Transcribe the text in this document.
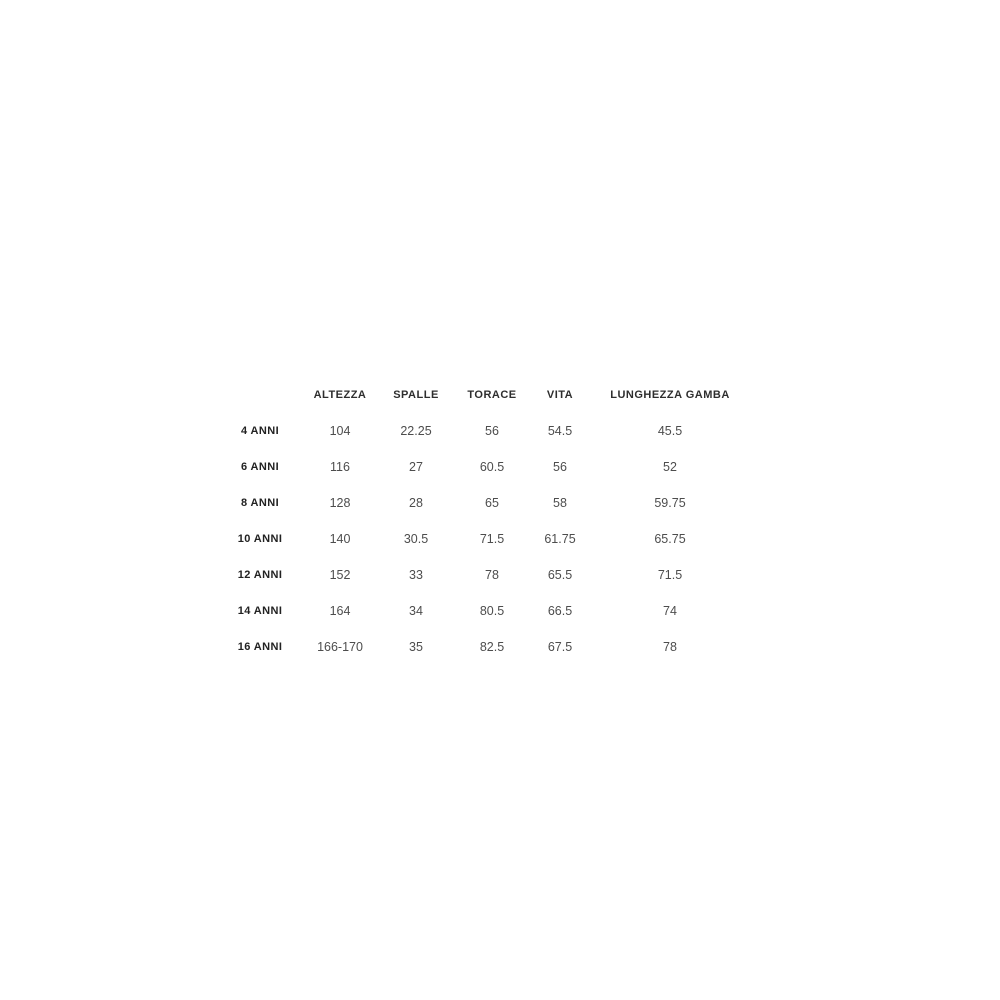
	ALTEZZA	SPALLE	TORACE	VITA	LUNGHEZZA GAMBA
4 ANNI	104	22.25	56	54.5	45.5
6 ANNI	116	27	60.5	56	52
8 ANNI	128	28	65	58	59.75
10 ANNI	140	30.5	71.5	61.75	65.75
12 ANNI	152	33	78	65.5	71.5
14 ANNI	164	34	80.5	66.5	74
16 ANNI	166-170	35	82.5	67.5	78
